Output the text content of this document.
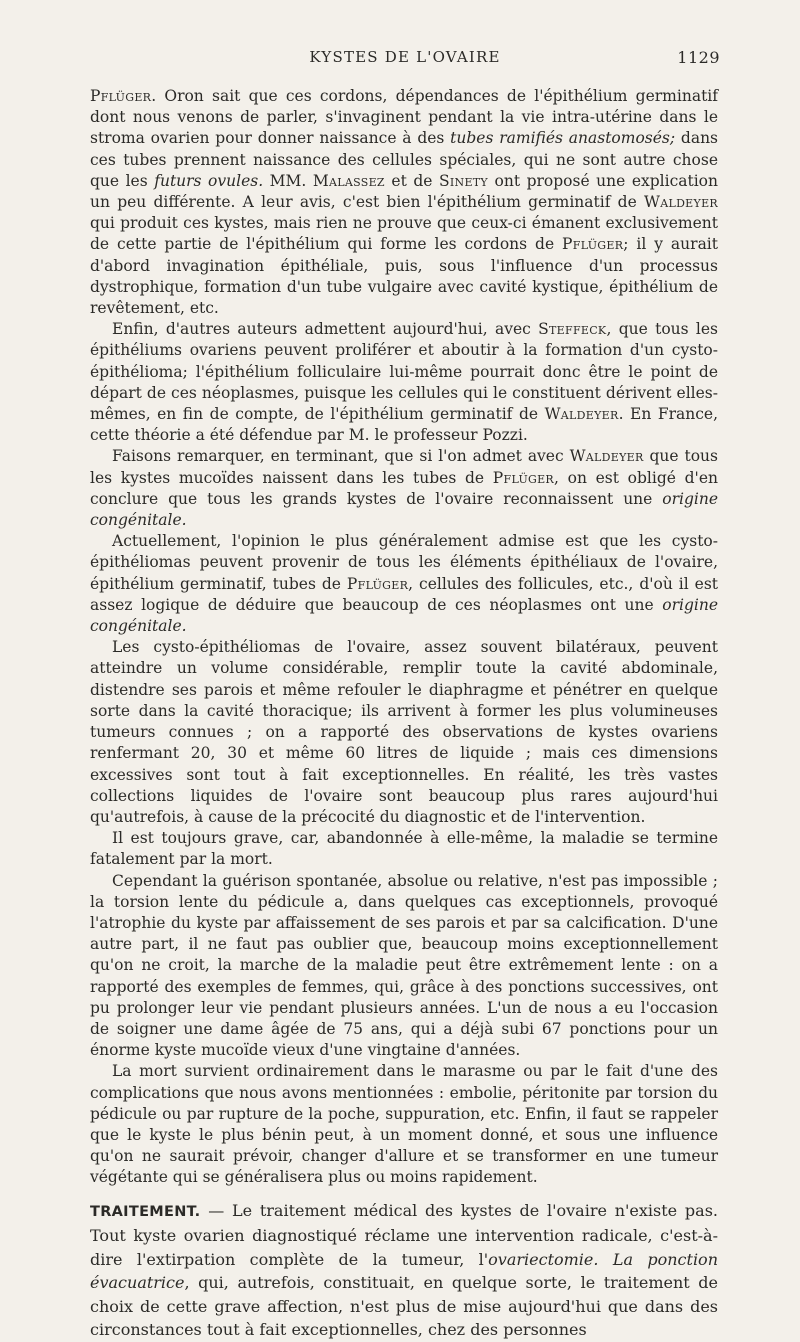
KYSTES DE L'OVAIRE	1129

Pflüger. Oron sait que ces cordons, dépendances de l'épithélium germinatif dont nous venons de parler, s'invaginent pendant la vie intra-utérine dans le stroma ovarien pour donner naissance à des tubes ramifiés anastomosés; dans ces tubes prennent naissance des cellules spéciales, qui ne sont autre chose que les futurs ovules. MM. Malassez et de Sinety ont proposé une explication un peu différente. A leur avis, c'est bien l'épithélium germinatif de Waldeyer qui produit ces kystes, mais rien ne prouve que ceux-ci émanent exclusivement de cette partie de l'épithélium qui forme les cordons de Pflüger; il y aurait d'abord invagination épithéliale, puis, sous l'influence d'un processus dystrophique, formation d'un tube vulgaire avec cavité kystique, épithélium de revêtement, etc.

Enfin, d'autres auteurs admettent aujourd'hui, avec Steffeck, que tous les épithéliums ovariens peuvent proliférer et aboutir à la formation d'un cysto-épithélioma; l'épithélium folliculaire lui-même pourrait donc être le point de départ de ces néoplasmes, puisque les cellules qui le constituent dérivent elles-mêmes, en fin de compte, de l'épithélium germinatif de Waldeyer. En France, cette théorie a été défendue par M. le professeur Pozzi.

Faisons remarquer, en terminant, que si l'on admet avec Waldeyer que tous les kystes mucoïdes naissent dans les tubes de Pflüger, on est obligé d'en conclure que tous les grands kystes de l'ovaire reconnaissent une origine congénitale.

Actuellement, l'opinion le plus généralement admise est que les cysto-épithéliomas peuvent provenir de tous les éléments épithéliaux de l'ovaire, épithélium germinatif, tubes de Pflüger, cellules des follicules, etc., d'où il est assez logique de déduire que beaucoup de ces néoplasmes ont une origine congénitale.

Les cysto-épithéliomas de l'ovaire, assez souvent bilatéraux, peuvent atteindre un volume considérable, remplir toute la cavité abdominale, distendre ses parois et même refouler le diaphragme et pénétrer en quelque sorte dans la cavité thoracique; ils arrivent à former les plus volumineuses tumeurs connues ; on a rapporté des observations de kystes ovariens renfermant 20, 30 et même 60 litres de liquide ; mais ces dimensions excessives sont tout à fait exceptionnelles. En réalité, les très vastes collections liquides de l'ovaire sont beaucoup plus rares aujourd'hui qu'autrefois, à cause de la précocité du diagnostic et de l'intervention.

Il est toujours grave, car, abandonnée à elle-même, la maladie se termine fatalement par la mort.

Cependant la guérison spontanée, absolue ou relative, n'est pas impossible ; la torsion lente du pédicule a, dans quelques cas exceptionnels, provoqué l'atrophie du kyste par affaissement de ses parois et par sa calcification. D'une autre part, il ne faut pas oublier que, beaucoup moins exceptionnellement qu'on ne croit, la marche de la maladie peut être extrêmement lente : on a rapporté des exemples de femmes, qui, grâce à des ponctions successives, ont pu prolonger leur vie pendant plusieurs années. L'un de nous a eu l'occasion de soigner une dame âgée de 75 ans, qui a déjà subi 67 ponctions pour un énorme kyste mucoïde vieux d'une vingtaine d'années.

La mort survient ordinairement dans le marasme ou par le fait d'une des complications que nous avons mentionnées : embolie, péritonite par torsion du pédicule ou par rupture de la poche, suppuration, etc. Enfin, il faut se rappeler que le kyste le plus bénin peut, à un moment donné, et sous une influence qu'on ne saurait prévoir, changer d'allure et se transformer en une tumeur végétante qui se généralisera plus ou moins rapidement.

TRAITEMENT. — Le traitement médical des kystes de l'ovaire n'existe pas. Tout kyste ovarien diagnostiqué réclame une intervention radicale, c'est-à-dire l'extirpation complète de la tumeur, l'ovariectomie. La ponction évacuatrice, qui, autrefois, constituait, en quelque sorte, le traitement de choix de cette grave affection, n'est plus de mise aujourd'hui que dans des circonstances tout à fait exceptionnelles, chez des personnes
